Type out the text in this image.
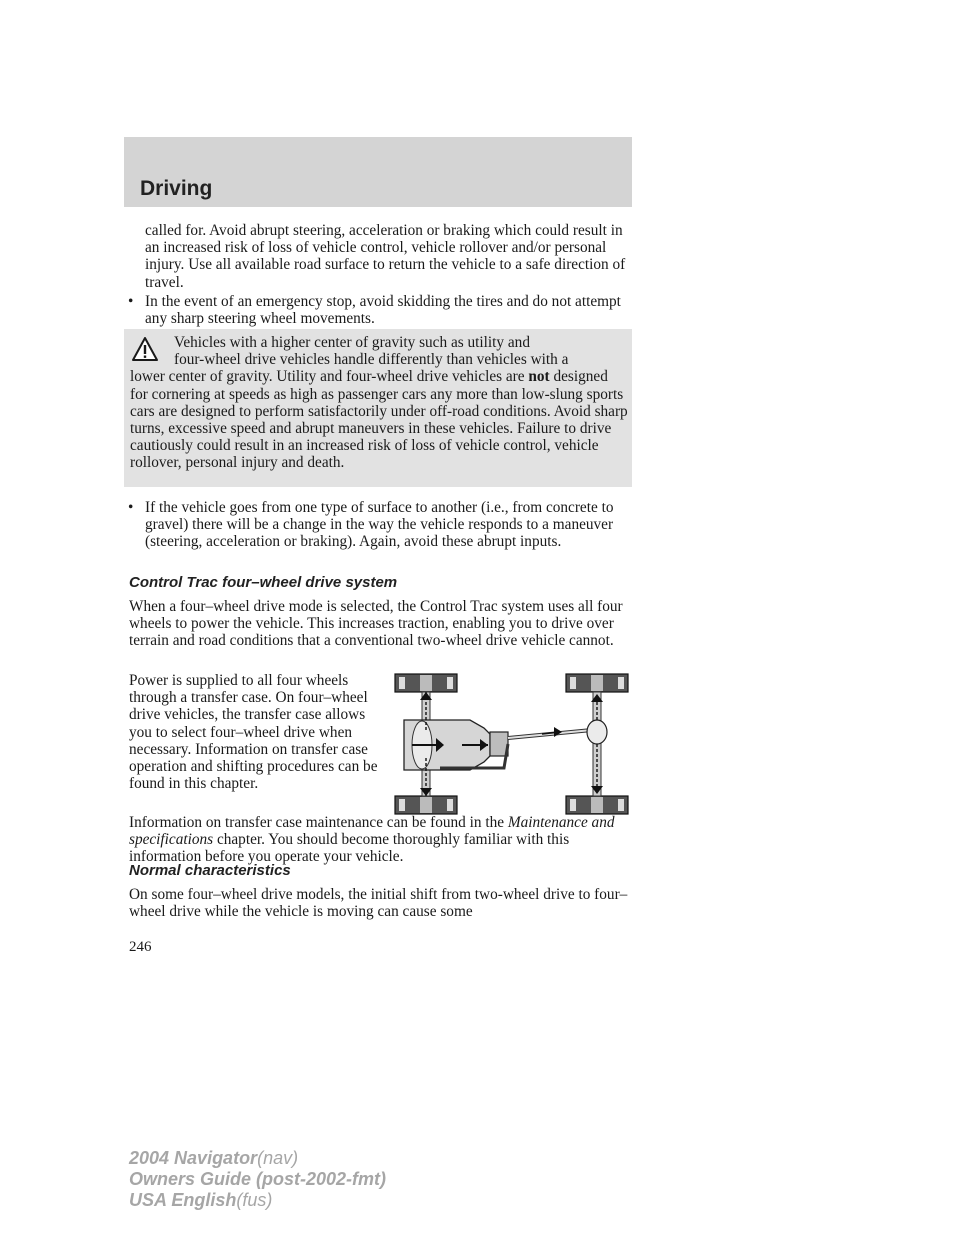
Driving

called for. Avoid abrupt steering, acceleration or braking which could result in an increased risk of loss of vehicle control, vehicle rollover and/or personal injury. Use all available road surface to return the vehicle to a safe direction of travel.

• In the event of an emergency stop, avoid skidding the tires and do not attempt any sharp steering wheel movements.
Vehicles with a higher center of gravity such as utility and
four-wheel drive vehicles handle differently than vehicles with a
lower center of gravity. Utility and four-wheel drive vehicles are not designed for cornering at speeds as high as passenger cars any more than low-slung sports cars are designed to perform satisfactorily under off-road conditions. Avoid sharp turns, excessive speed and abrupt maneuvers in these vehicles. Failure to drive cautiously could result in an increased risk of loss of vehicle control, vehicle rollover, personal injury and death.
• If the vehicle goes from one type of surface to another (i.e., from concrete to gravel) there will be a change in the way the vehicle responds to a maneuver (steering, acceleration or braking). Again, avoid these abrupt inputs.
Control Trac four–wheel drive system

When a four–wheel drive mode is selected, the Control Trac system uses all four wheels to power the vehicle. This increases traction, enabling you to drive over terrain and road conditions that a conventional two-wheel drive vehicle cannot.

Power is supplied to all four wheels through a transfer case. On four–wheel drive vehicles, the transfer case allows you to select four–wheel drive when necessary. Information on transfer case operation and shifting procedures can be found in this chapter.

Information on transfer case maintenance can be found in the Maintenance and specifications chapter. You should become thoroughly familiar with this information before you operate your vehicle.

Normal characteristics

On some four–wheel drive models, the initial shift from two-wheel drive to four–wheel drive while the vehicle is moving can cause some

246
2004 Navigator(nav)
Owners Guide (post-2002-fmt)
USA English(fus)
